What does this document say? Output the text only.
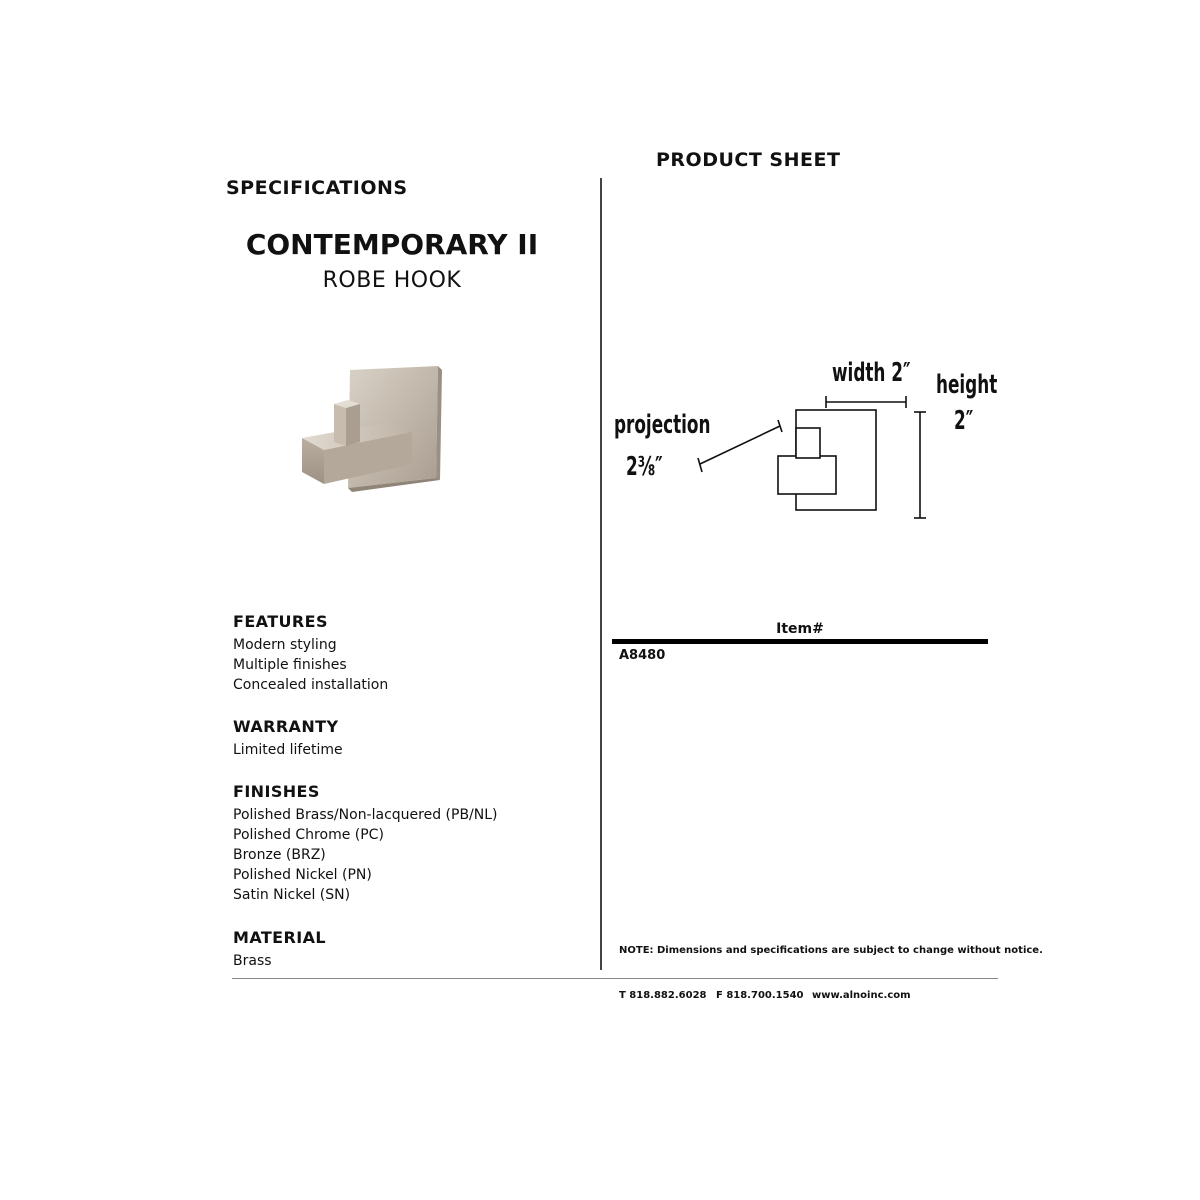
SPECIFICATIONS
PRODUCT SHEET
CONTEMPORARY II
ROBE HOOK
FEATURES
Modern styling
Multiple finishes
Concealed installation
WARRANTY
Limited lifetime
FINISHES
Polished Brass/Non-lacquered (PB/NL)
Polished Chrome (PC)
Bronze (BRZ)
Polished Nickel (PN)
Satin Nickel (SN)
MATERIAL
Brass
width 2″ height
2″
projection
2⅜″
Item#
A8480
NOTE: Dimensions and specifications are subject to change without notice.
T 818.882.6028 F 818.700.1540 www.alnoinc.com
